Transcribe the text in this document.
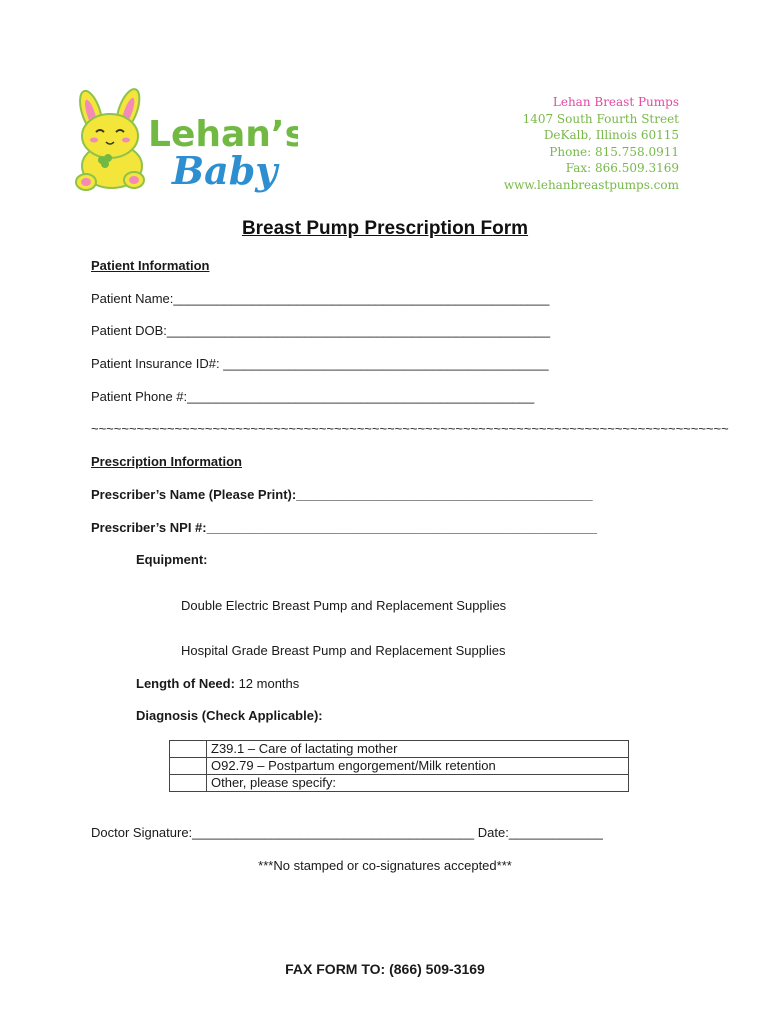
Lehan’s
Baby
Lehan Breast Pumps
1407 South Fourth Street
DeKalb, Illinois 60115
Phone: 815.758.0911
Fax: 866.509.3169
www.lehanbreastpumps.com
Breast Pump Prescription Form
Patient Information
Patient Name:____________________________________________________
Patient DOB:_____________________________________________________
Patient Insurance ID#: _____________________________________________
Patient Phone #:________________________________________________
~~~~~~~~~~~~~~~~~~~~~~~~~~~~~~~~~~~~~~~~~~~~~~~~~~~~~~~~~~~~~~~~~~~~~~~~~~~~~~~~~~~~
Prescription Information
Prescriber’s Name (Please Print):_________________________________________
Prescriber’s NPI #:______________________________________________________
Equipment:
Double Electric Breast Pump and Replacement Supplies
Hospital Grade Breast Pump and Replacement Supplies
Length of Need: 12 months
Diagnosis (Check Applicable):
	Z39.1 – Care of lactating mother
	O92.79 – Postpartum engorgement/Milk retention
	Other, please specify:
Doctor Signature:_______________________________________ Date:_____________
***No stamped or co-signatures accepted***
FAX FORM TO: (866) 509-3169
